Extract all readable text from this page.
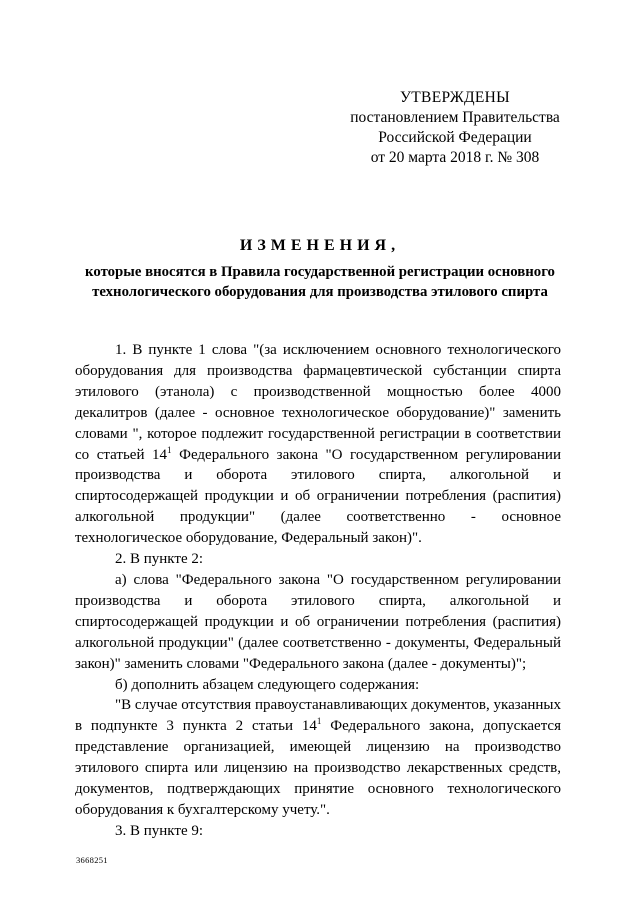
УТВЕРЖДЕНЫ
постановлением Правительства
Российской Федерации
от 20 марта 2018 г. № 308
ИЗМЕНЕНИЯ,
которые вносятся в Правила государственной регистрации основного технологического оборудования для производства этилового спирта

1. В пункте 1 слова "(за исключением основного технологического оборудования для производства фармацевтической субстанции спирта этилового (этанола) с производственной мощностью более 4000 декалитров (далее - основное технологическое оборудование)" заменить словами ", которое подлежит государственной регистрации в соответствии со статьей $14^1$ Федерального закона "О государственном регулировании производства и оборота этилового спирта, алкогольной и спиртосодержащей продукции и об ограничении потребления (распития) алкогольной продукции" (далее соответственно - основное технологическое оборудование, Федеральный закон)".

2. В пункте 2:

а) слова "Федерального закона "О государственном регулировании производства и оборота этилового спирта, алкогольной и спиртосодержащей продукции и об ограничении потребления (распития) алкогольной продукции" (далее соответственно - документы, Федеральный закон)" заменить словами "Федерального закона (далее - документы)";

б) дополнить абзацем следующего содержания:

"В случае отсутствия правоустанавливающих документов, указанных в подпункте 3 пункта 2 статьи $14^1$ Федерального закона, допускается представление организацией, имеющей лицензию на производство этилового спирта или лицензию на производство лекарственных средств, документов, подтверждающих принятие основного технологического оборудования к бухгалтерскому учету.".

3. В пункте 9:

3668251
